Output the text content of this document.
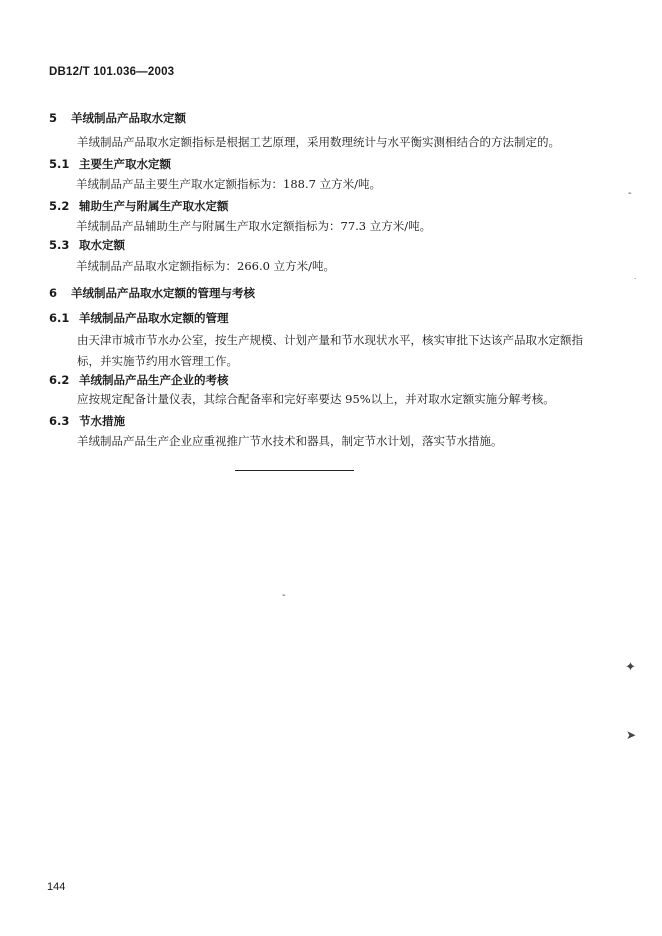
DB12/T 101.036—2003
5 羊绒制品产品取水定额
羊绒制品产品取水定额指标是根据工艺原理，采用数理统计与水平衡实测相结合的方法制定的。
5.1 主要生产取水定额
羊绒制品产品主要生产取水定额指标为：188.7 立方米/吨。
5.2 辅助生产与附属生产取水定额
羊绒制品产品辅助生产与附属生产取水定额指标为：77.3 立方米/吨。
5.3 取水定额
羊绒制品产品取水定额指标为：266.0 立方米/吨。
6 羊绒制品产品取水定额的管理与考核
6.1 羊绒制品产品取水定额的管理
由天津市城市节水办公室，按生产规模、计划产量和节水现状水平，核实审批下达该产品取水定额指标，并实施节约用水管理工作。
6.2 羊绒制品产品生产企业的考核
应按规定配备计量仪表，其综合配备率和完好率要达 95%以上，并对取水定额实施分解考核。
6.3 节水措施
羊绒制品产品生产企业应重视推广节水技术和器具，制定节水计划，落实节水措施。
-
·
✦
➤
-
144
